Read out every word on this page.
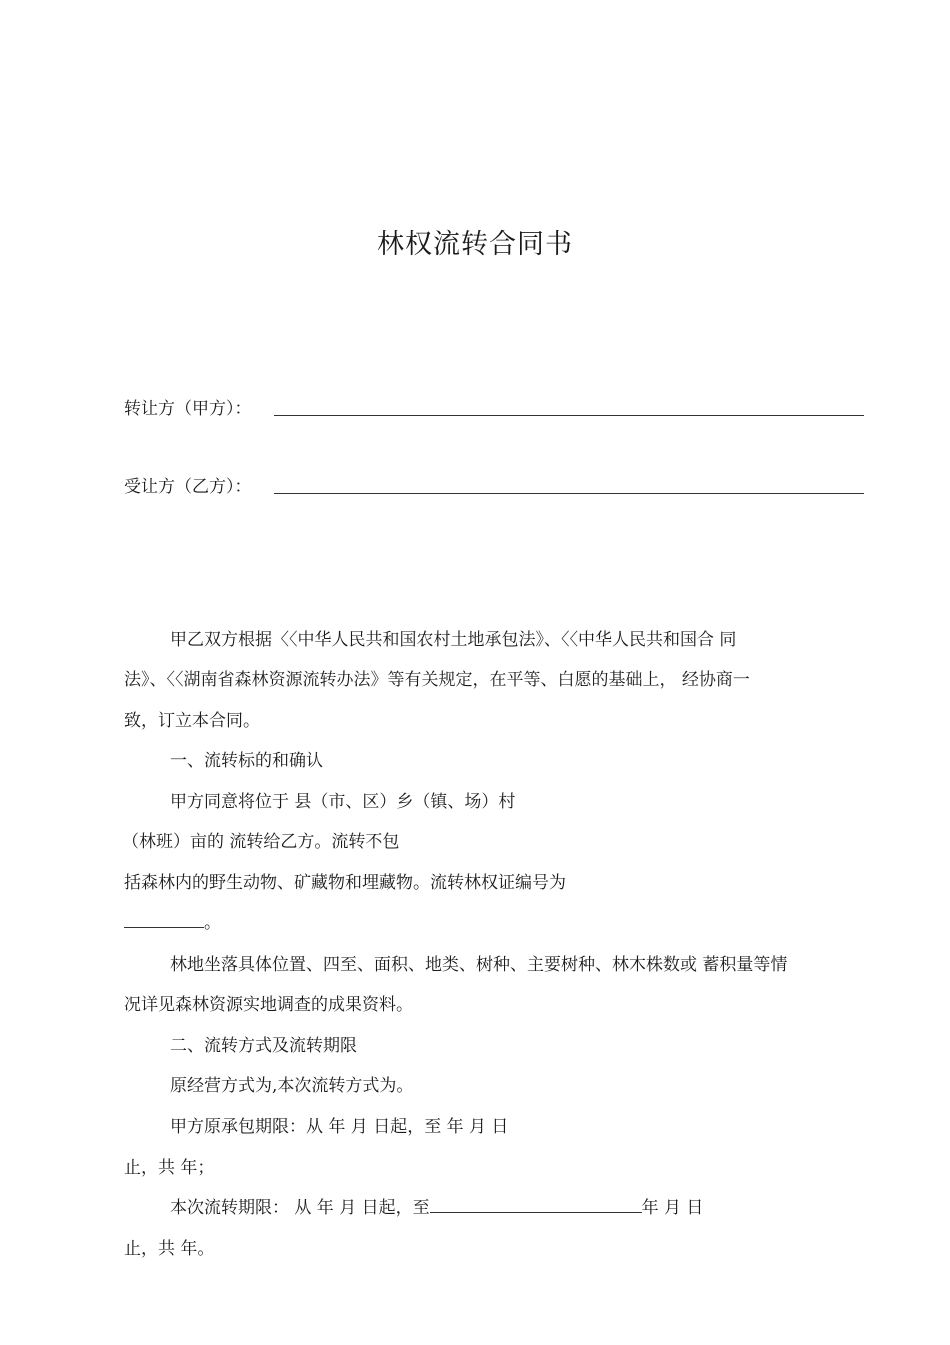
林权流转合同书
转让方（甲方）：
受让方（乙方）：
甲乙双方根据〈〈中华人民共和国农村土地承包法》、〈〈中华人民共和国合 同
法》、〈〈湖南省森林资源流转办法》等有关规定，在平等、白愿的基础上， 经协商一
致，订立本合同。
一、流转标的和确认
甲方同意将位于 县（市、区）乡（镇、场）村
（林班）亩的 流转给乙方。流转不包
括森林内的野生动物、矿藏物和埋藏物。流转林权证编号为
。
林地坐落具体位置、四至、面积、地类、树种、主要树种、林木株数或 蓄积量等情
况详见森林资源实地调查的成果资料。
二、流转方式及流转期限
原经营方式为,本次流转方式为。
甲方原承包期限：从 年 月 日起，至 年 月 日
止，共 年；
本次流转期限： 从 年 月 日起，至	年 月 日
止，共 年。
